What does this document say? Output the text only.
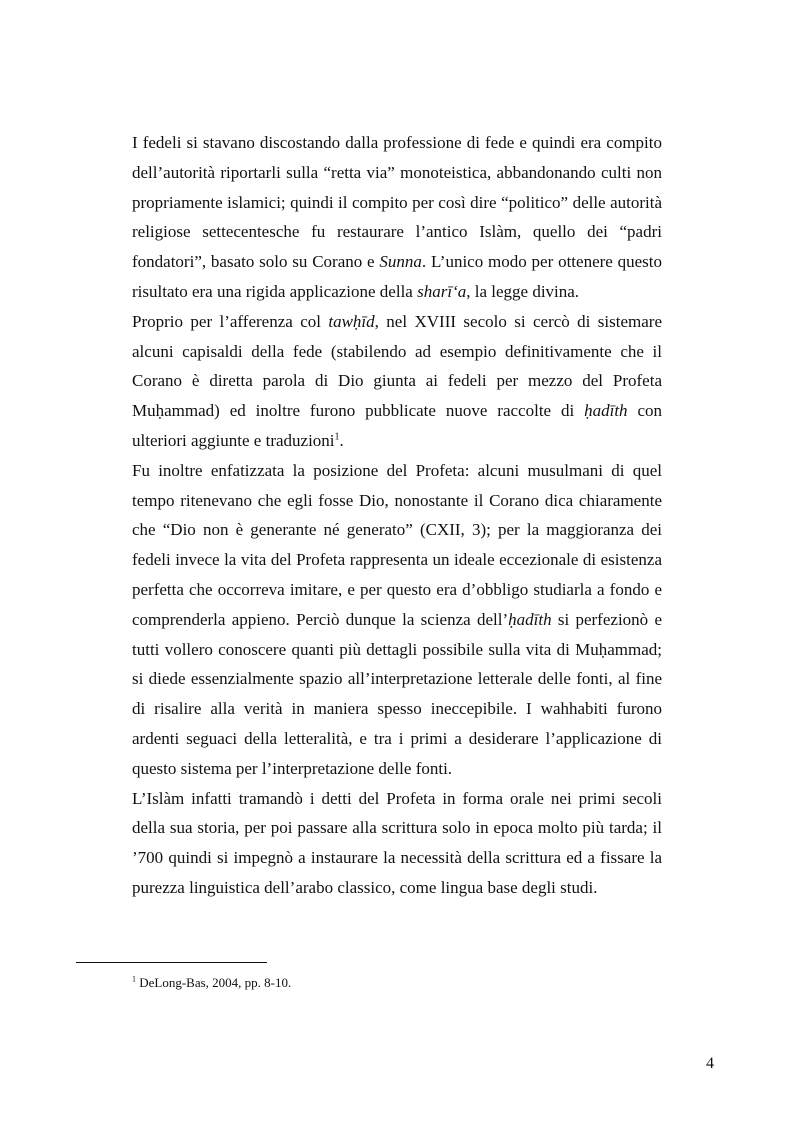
I fedeli si stavano discostando dalla professione di fede e quindi era compito dell’autorità riportarli sulla “retta via” monoteistica, abbandonando culti non propriamente islamici; quindi il compito per così dire “politico” delle autorità religiose settecentesche fu restaurare l’antico Islàm, quello dei “padri fondatori”, basato solo su Corano e Sunna. L’unico modo per ottenere questo risultato era una rigida applicazione della sharī‘a, la legge divina.

Proprio per l’afferenza col tawḥīd, nel XVIII secolo si cercò di sistemare alcuni capisaldi della fede (stabilendo ad esempio definitivamente che il Corano è diretta parola di Dio giunta ai fedeli per mezzo del Profeta Muḥammad) ed inoltre furono pubblicate nuove raccolte di ḥadīth con ulteriori aggiunte e traduzioni$^1$.

Fu inoltre enfatizzata la posizione del Profeta: alcuni musulmani di quel tempo ritenevano che egli fosse Dio, nonostante il Corano dica chiaramente che “Dio non è generante né generato” (CXII, 3); per la maggioranza dei fedeli invece la vita del Profeta rappresenta un ideale eccezionale di esistenza perfetta che occorreva imitare, e per questo era d’obbligo studiarla a fondo e comprenderla appieno. Perciò dunque la scienza dell’ḥadīth si perfezionò e tutti vollero conoscere quanti più dettagli possibile sulla vita di Muḥammad; si diede essenzialmente spazio all’interpretazione letterale delle fonti, al fine di risalire alla verità in maniera spesso ineccepibile. I wahhabiti furono ardenti seguaci della letteralità, e tra i primi a desiderare l’applicazione di questo sistema per l’interpretazione delle fonti.

L’Islàm infatti tramandò i detti del Profeta in forma orale nei primi secoli della sua storia, per poi passare alla scrittura solo in epoca molto più tarda; il ’700 quindi si impegnò a instaurare la necessità della scrittura ed a fissare la purezza linguistica dell’arabo classico, come lingua base degli studi.

$^1$ DeLong-Bas, 2004, pp. 8-10.
4
